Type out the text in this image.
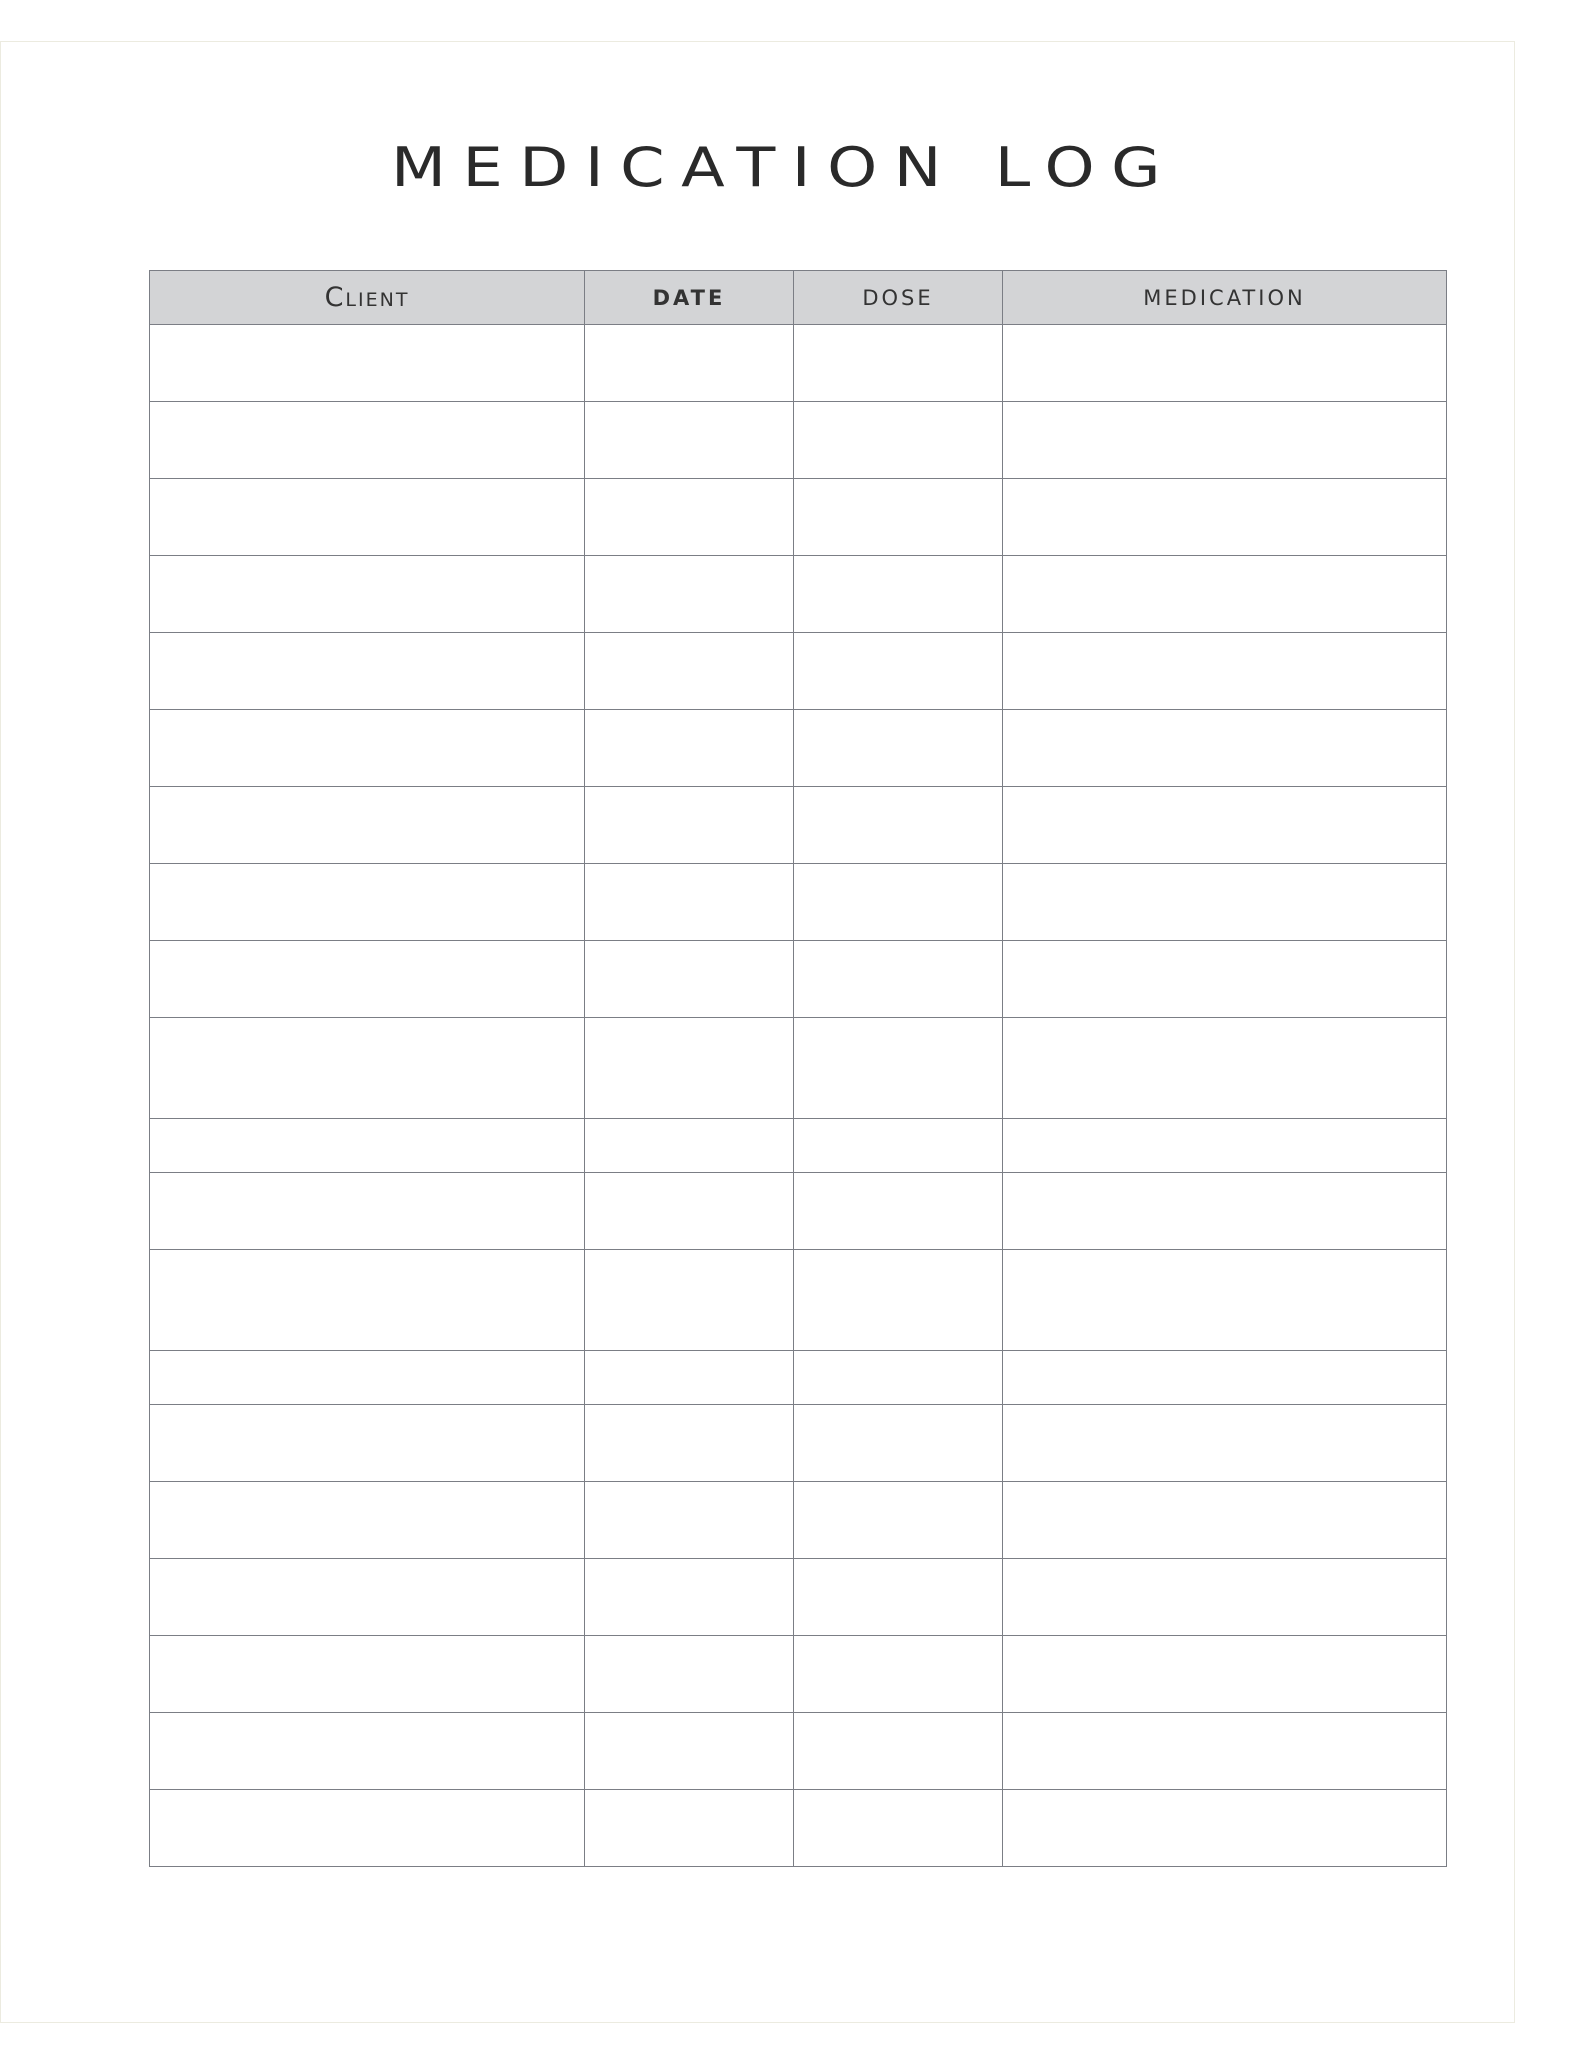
MEDICATION LOG
Client	DATE	DOSE	MEDICATION
